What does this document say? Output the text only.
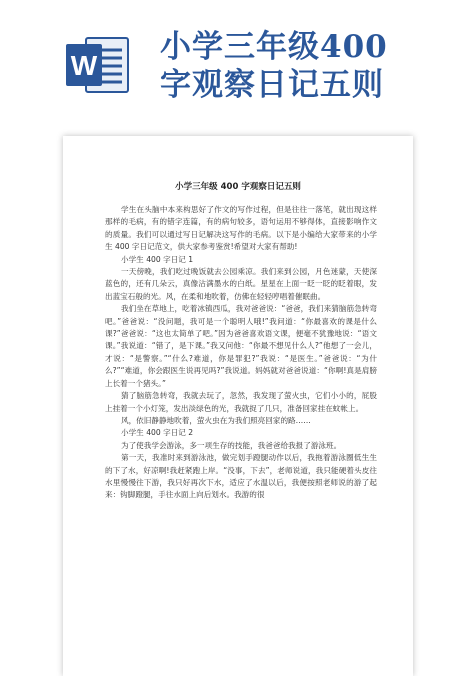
W
小学三年级400
字观察日记五则
小学三年级 400 字观察日记五则

学生在头脑中本来构思好了作文的写作过程，但是往往一落笔，就出现这样那样的毛病，有的错字连篇，有的病句较多，语句运用不够得体，直接影响作文的质量。我们可以通过写日记解决这写作的毛病。以下是小编给大家带来的小学生 400 字日记范文，供大家参考鉴赏!希望对大家有帮助!

小学生 400 字日记 1

一天傍晚，我们吃过晚饭就去公园乘凉。我们来到公园，月色迷蒙，天使深蓝色的，还有几朵云，真像沾满墨水的白纸。星星在上面一眨一眨的眨着眼，发出蓝宝石般的光。风，在柔和地吹着，仿佛在轻轻哼唱着催眠曲。

我们坐在草地上，吃着冰镇西瓜，我对爸爸说：“爸爸，我们来猜脑筋急转弯吧。”爸爸说：“没问题，我可是一个聪明人哦!”我问道：“你最喜欢的课是什么课?”爸爸说：“这也太简单了吧。”因为爸爸喜欢语文课，便毫不犹豫地说：“语文课。”我说道：“错了，是下课。”我又问他：“你最不想见什么人?”他想了一会儿，才说：“是警察。”“什么?难道，你是罪犯?”我说：“是医生。”爸爸说：“为什么?”“难道，你会跟医生说再见吗?”我说道。妈妈就对爸爸说道：“你啊!真是肩膀上长着一个猪头。”

猜了脑筋急转弯，我就去玩了，忽然，我发现了萤火虫，它们小小的，屁股上挂着一个小灯笼，发出淡绿色的光，我就捉了几只，准备回家挂在蚊帐上。

风，依旧静静地吹着，萤火虫在为我们照亮回家的路……

小学生 400 字日记 2

为了使我学会游泳，多一项生存的技能，我爸爸给我报了游泳班。

第一天，我准时来到游泳池，做完划手蹬腿动作以后，我拖着游泳圈低生生的下了水，好凉啊!我赶紧跑上岸。“没事，下去”，老师说道，我只能硬着头皮往水里慢慢往下游，我只好再次下水，适应了水温以后，我便按照老师说的游了起来：钩脚蹬腿，手往水面上向后划水。我游的很
